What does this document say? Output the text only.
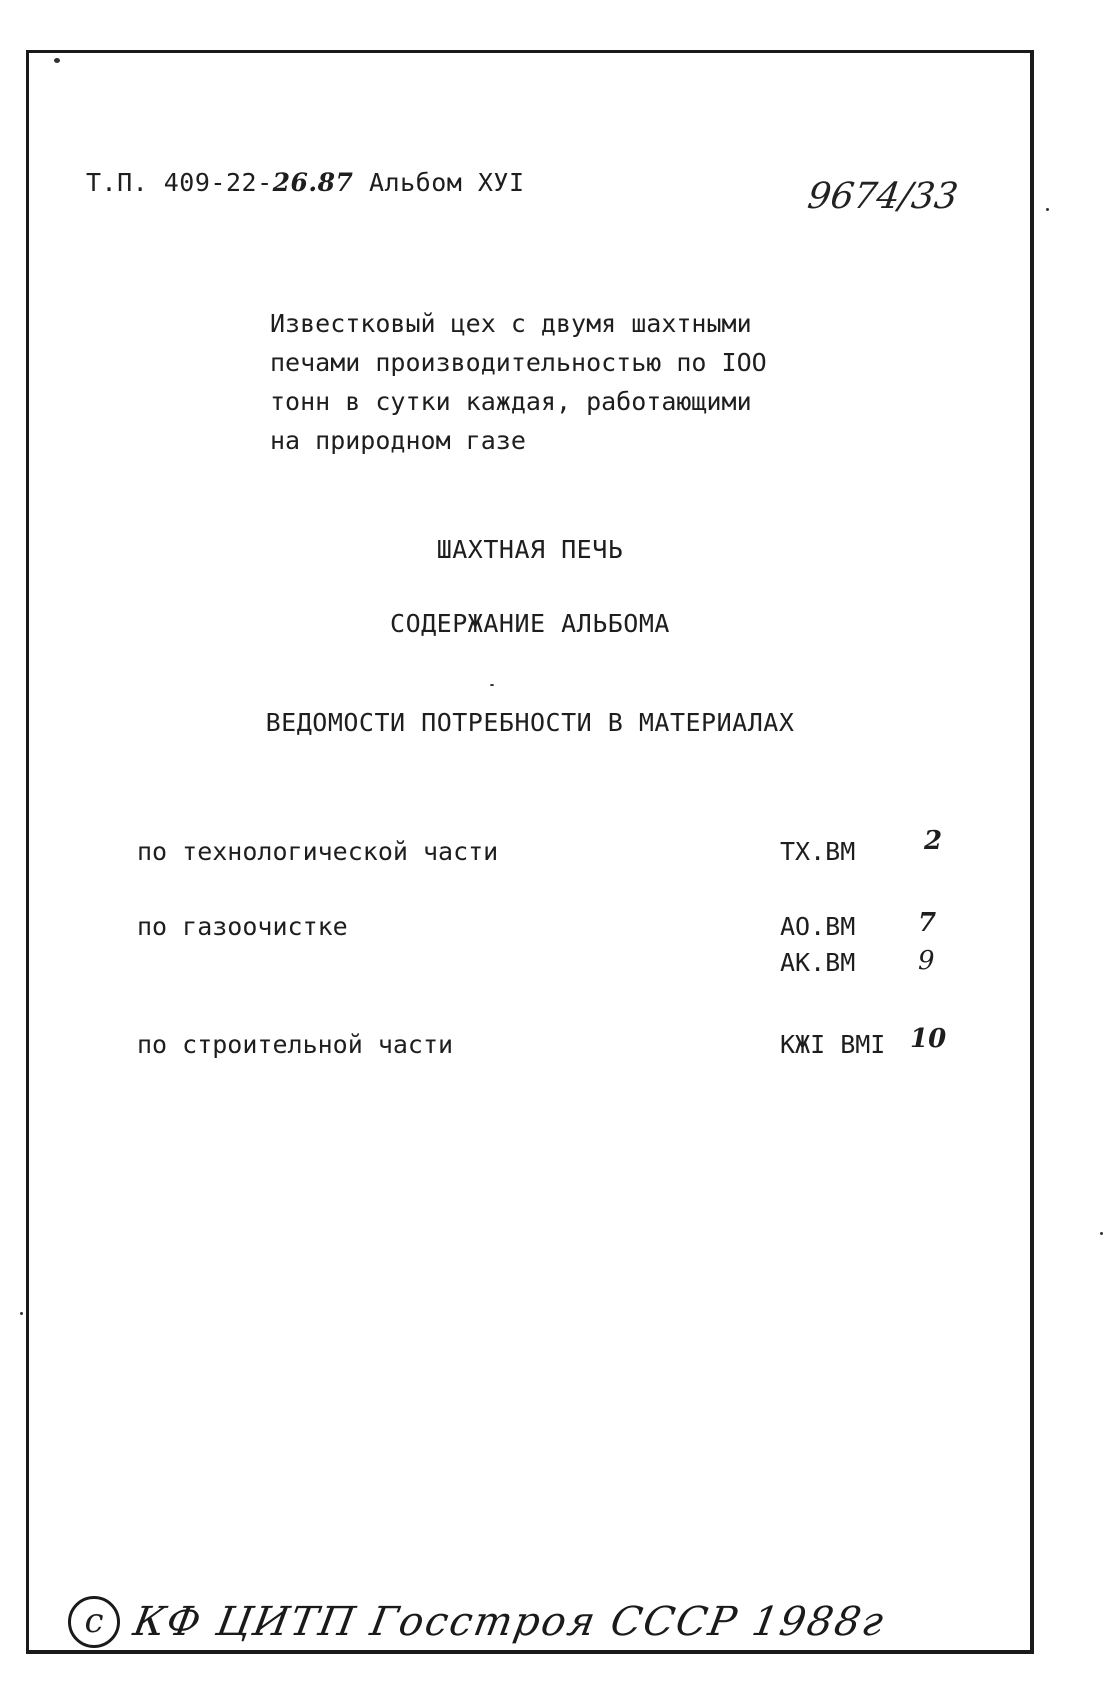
Т.П. 409-22-26.87 Альбом ХУI	9674/33
Известковый цех с двумя шахтными
печами производительностью по IOO
тонн в сутки каждая, работающими
на природном газе
ШАХТНАЯ ПЕЧЬ
СОДЕРЖАНИЕ АЛЬБОМА
ВЕДОМОСТИ ПОТРЕБНОСТИ В МАТЕРИАЛАХ
по технологической части	ТХ.ВМ	2
по газоочистке	АО.ВМ 7
АК.ВМ 9
по строительной части	КЖI ВМI 10
c КФ ЦИТП Госстроя СССР 1988г
